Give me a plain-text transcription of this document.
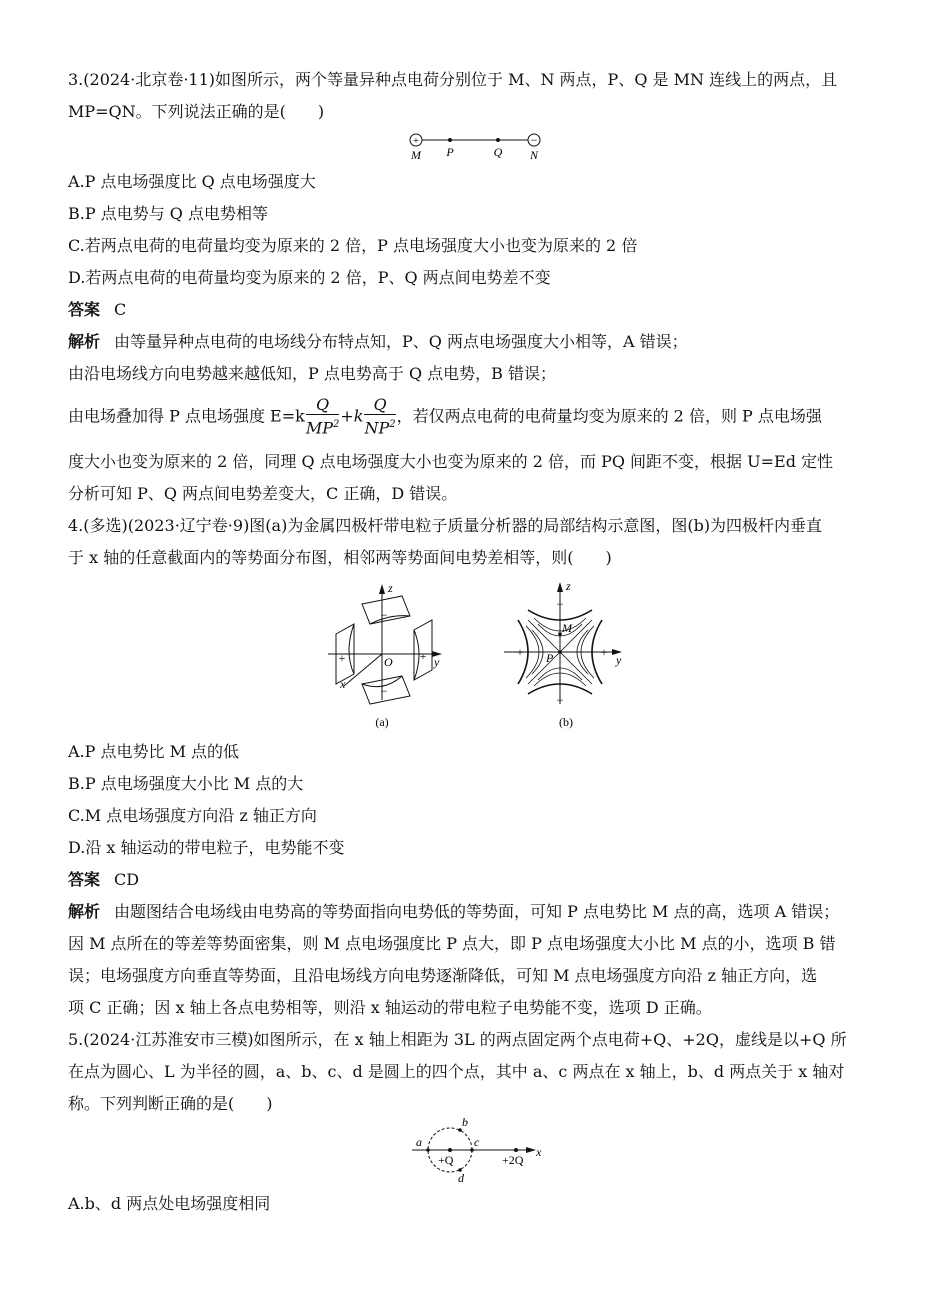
3.(2024·北京卷·11)如图所示，两个等量异种点电荷分别位于 M、N 两点，P、Q 是 MN 连线上的两点，且
MP=QN。下列说法正确的是(　　)
+	−
M P	Q N
A.P 点电场强度比 Q 点电场强度大
B.P 点电势与 Q 点电势相等
C.若两点电荷的电荷量均变为原来的 2 倍，P 点电场强度大小也变为原来的 2 倍
D.若两点电荷的电荷量均变为原来的 2 倍，P、Q 两点间电势差不变
答案 C
解析 由等量异种点电荷的电场线分布特点知，P、Q 两点电场强度大小相等，A 错误；
由沿电场线方向电势越来越低知，P 点电势高于 Q 点电势，B 错误；
由电场叠加得 P 点电场强度 $E=k \frac{Q}{MP^2} +k \frac{Q}{NP^2}$ ，若仅两点电荷的电荷量均变为原来的 2 倍，则 P 点电场强
度大小也变为原来的 2 倍，同理 Q 点电场强度大小也变为原来的 2 倍，而 PQ 间距不变，根据 U=Ed 定性
分析可知 P、Q 两点间电势差变大，C 正确，D 错误。
4.(多选)(2023·辽宁卷·9)图(a)为金属四极杆带电粒子质量分析器的局部结构示意图，图(b)为四极杆内垂直
于 x 轴的任意截面内的等势面分布图，相邻两等势面间电势差相等，则(　　)
z
y
x
O
−
−
+	+
(a)
z
y
M
P
−
−
+	+
(b)
A.P 点电势比 M 点的低
B.P 点电场强度大小比 M 点的大
C.M 点电场强度方向沿 z 轴正方向
D.沿 x 轴运动的带电粒子，电势能不变
答案 CD
解析 由题图结合电场线由电势高的等势面指向电势低的等势面，可知 P 点电势比 M 点的高，选项 A 错误；
因 M 点所在的等差等势面密集，则 M 点电场强度比 P 点大，即 P 点电场强度大小比 M 点的小，选项 B 错
误；电场强度方向垂直等势面，且沿电场线方向电势逐渐降低，可知 M 点电场强度方向沿 z 轴正方向，选
项 C 正确；因 x 轴上各点电势相等，则沿 x 轴运动的带电粒子电势能不变，选项 D 正确。
5.(2024·江苏淮安市三模)如图所示，在 x 轴上相距为 3L 的两点固定两个点电荷+Q、+2Q，虚线是以+Q 所
在点为圆心、L 为半径的圆，a、b、c、d 是圆上的四个点，其中 a、c 两点在 x 轴上，b、d 两点关于 x 轴对
称。下列判断正确的是(　　)
x
a
b
c
d
+Q	+2Q
A.b、d 两点处电场强度相同
